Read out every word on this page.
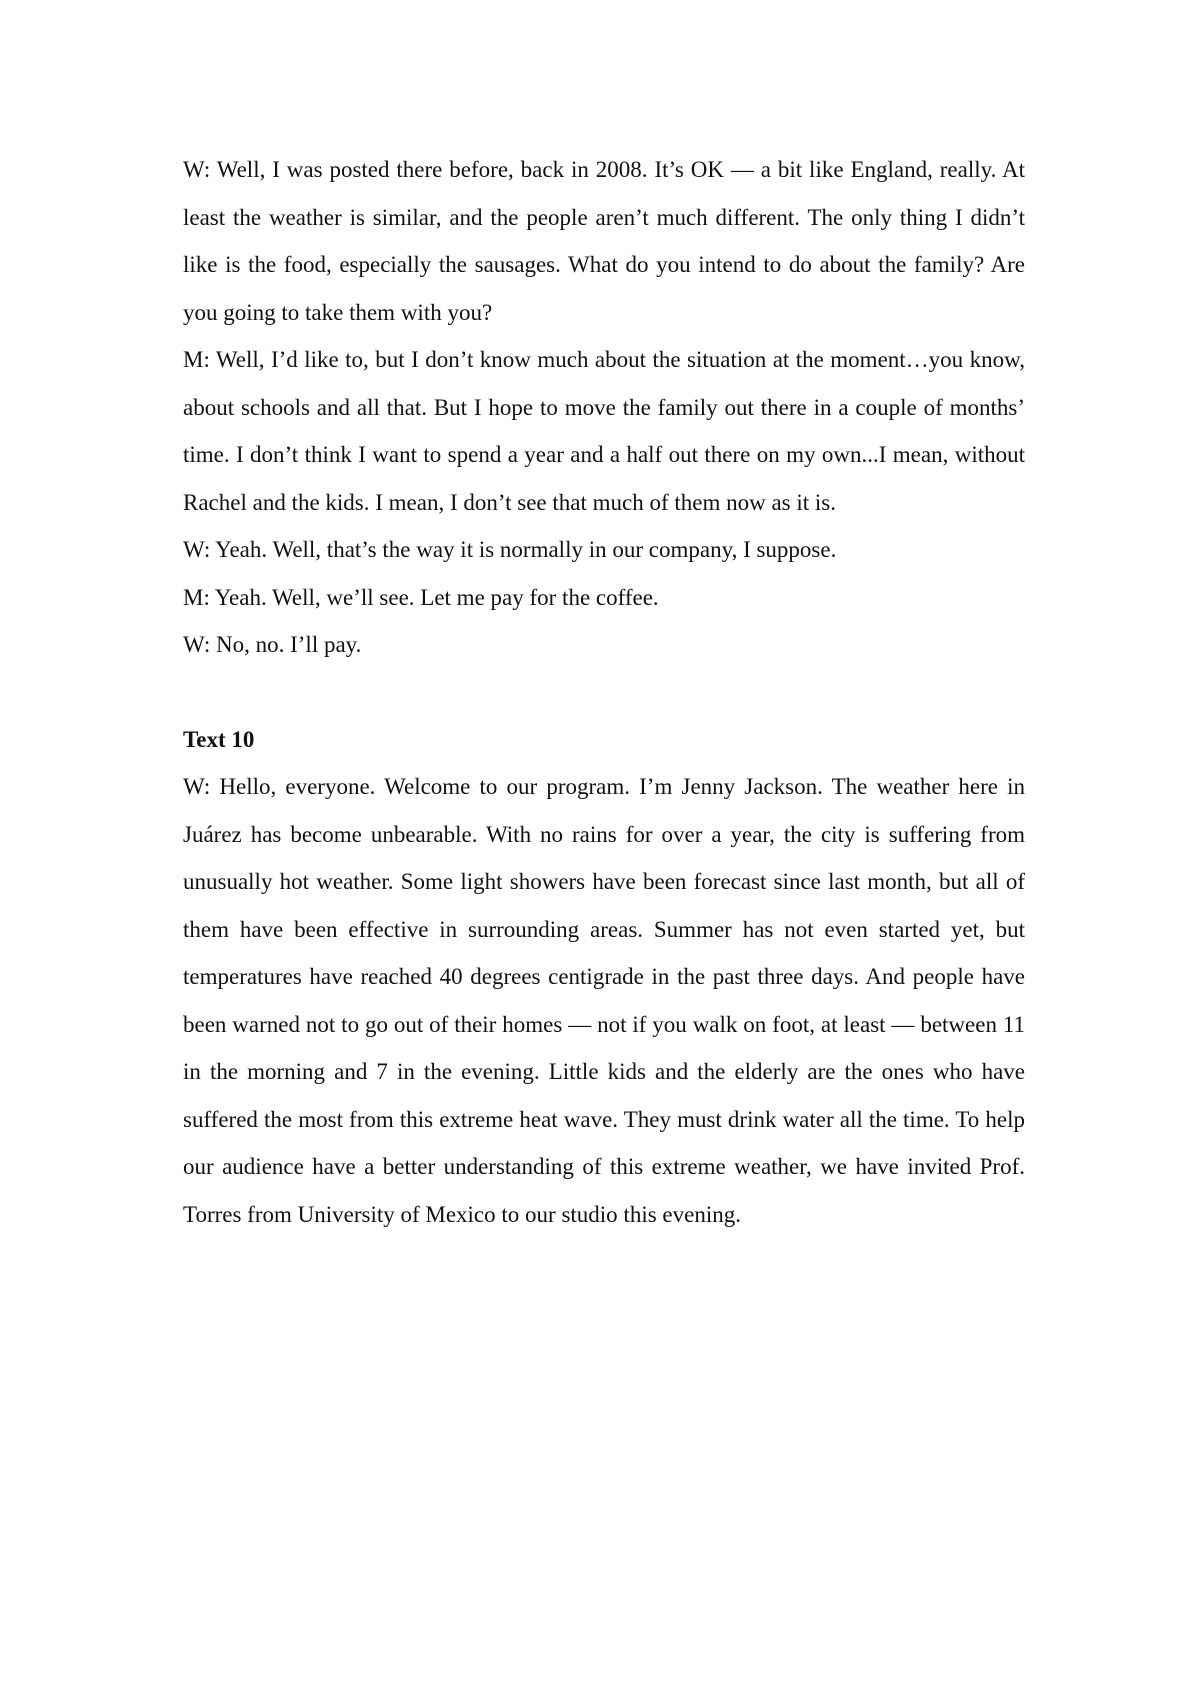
W: Well, I was posted there before, back in 2008. It’s OK — a bit like England, really. At least the weather is similar, and the people aren’t much different. The only thing I didn’t like is the food, especially the sausages. What do you intend to do about the family? Are you going to take them with you?

M: Well, I’d like to, but I don’t know much about the situation at the moment…you know, about schools and all that. But I hope to move the family out there in a couple of months’ time. I don’t think I want to spend a year and a half out there on my own...I mean, without Rachel and the kids. I mean, I don’t see that much of them now as it is.

W: Yeah. Well, that’s the way it is normally in our company, I suppose.

M: Yeah. Well, we’ll see. Let me pay for the coffee.

W: No, no. I’ll pay.

Text 10

W: Hello, everyone. Welcome to our program. I’m Jenny Jackson. The weather here in Juárez has become unbearable. With no rains for over a year, the city is suffering from unusually hot weather. Some light showers have been forecast since last month, but all of them have been effective in surrounding areas. Summer has not even started yet, but temperatures have reached 40 degrees centigrade in the past three days. And people have been warned not to go out of their homes — not if you walk on foot, at least — between 11 in the morning and 7 in the evening. Little kids and the elderly are the ones who have suffered the most from this extreme heat wave. They must drink water all the time. To help our audience have a better understanding of this extreme weather, we have invited Prof. Torres from University of Mexico to our studio this evening.
